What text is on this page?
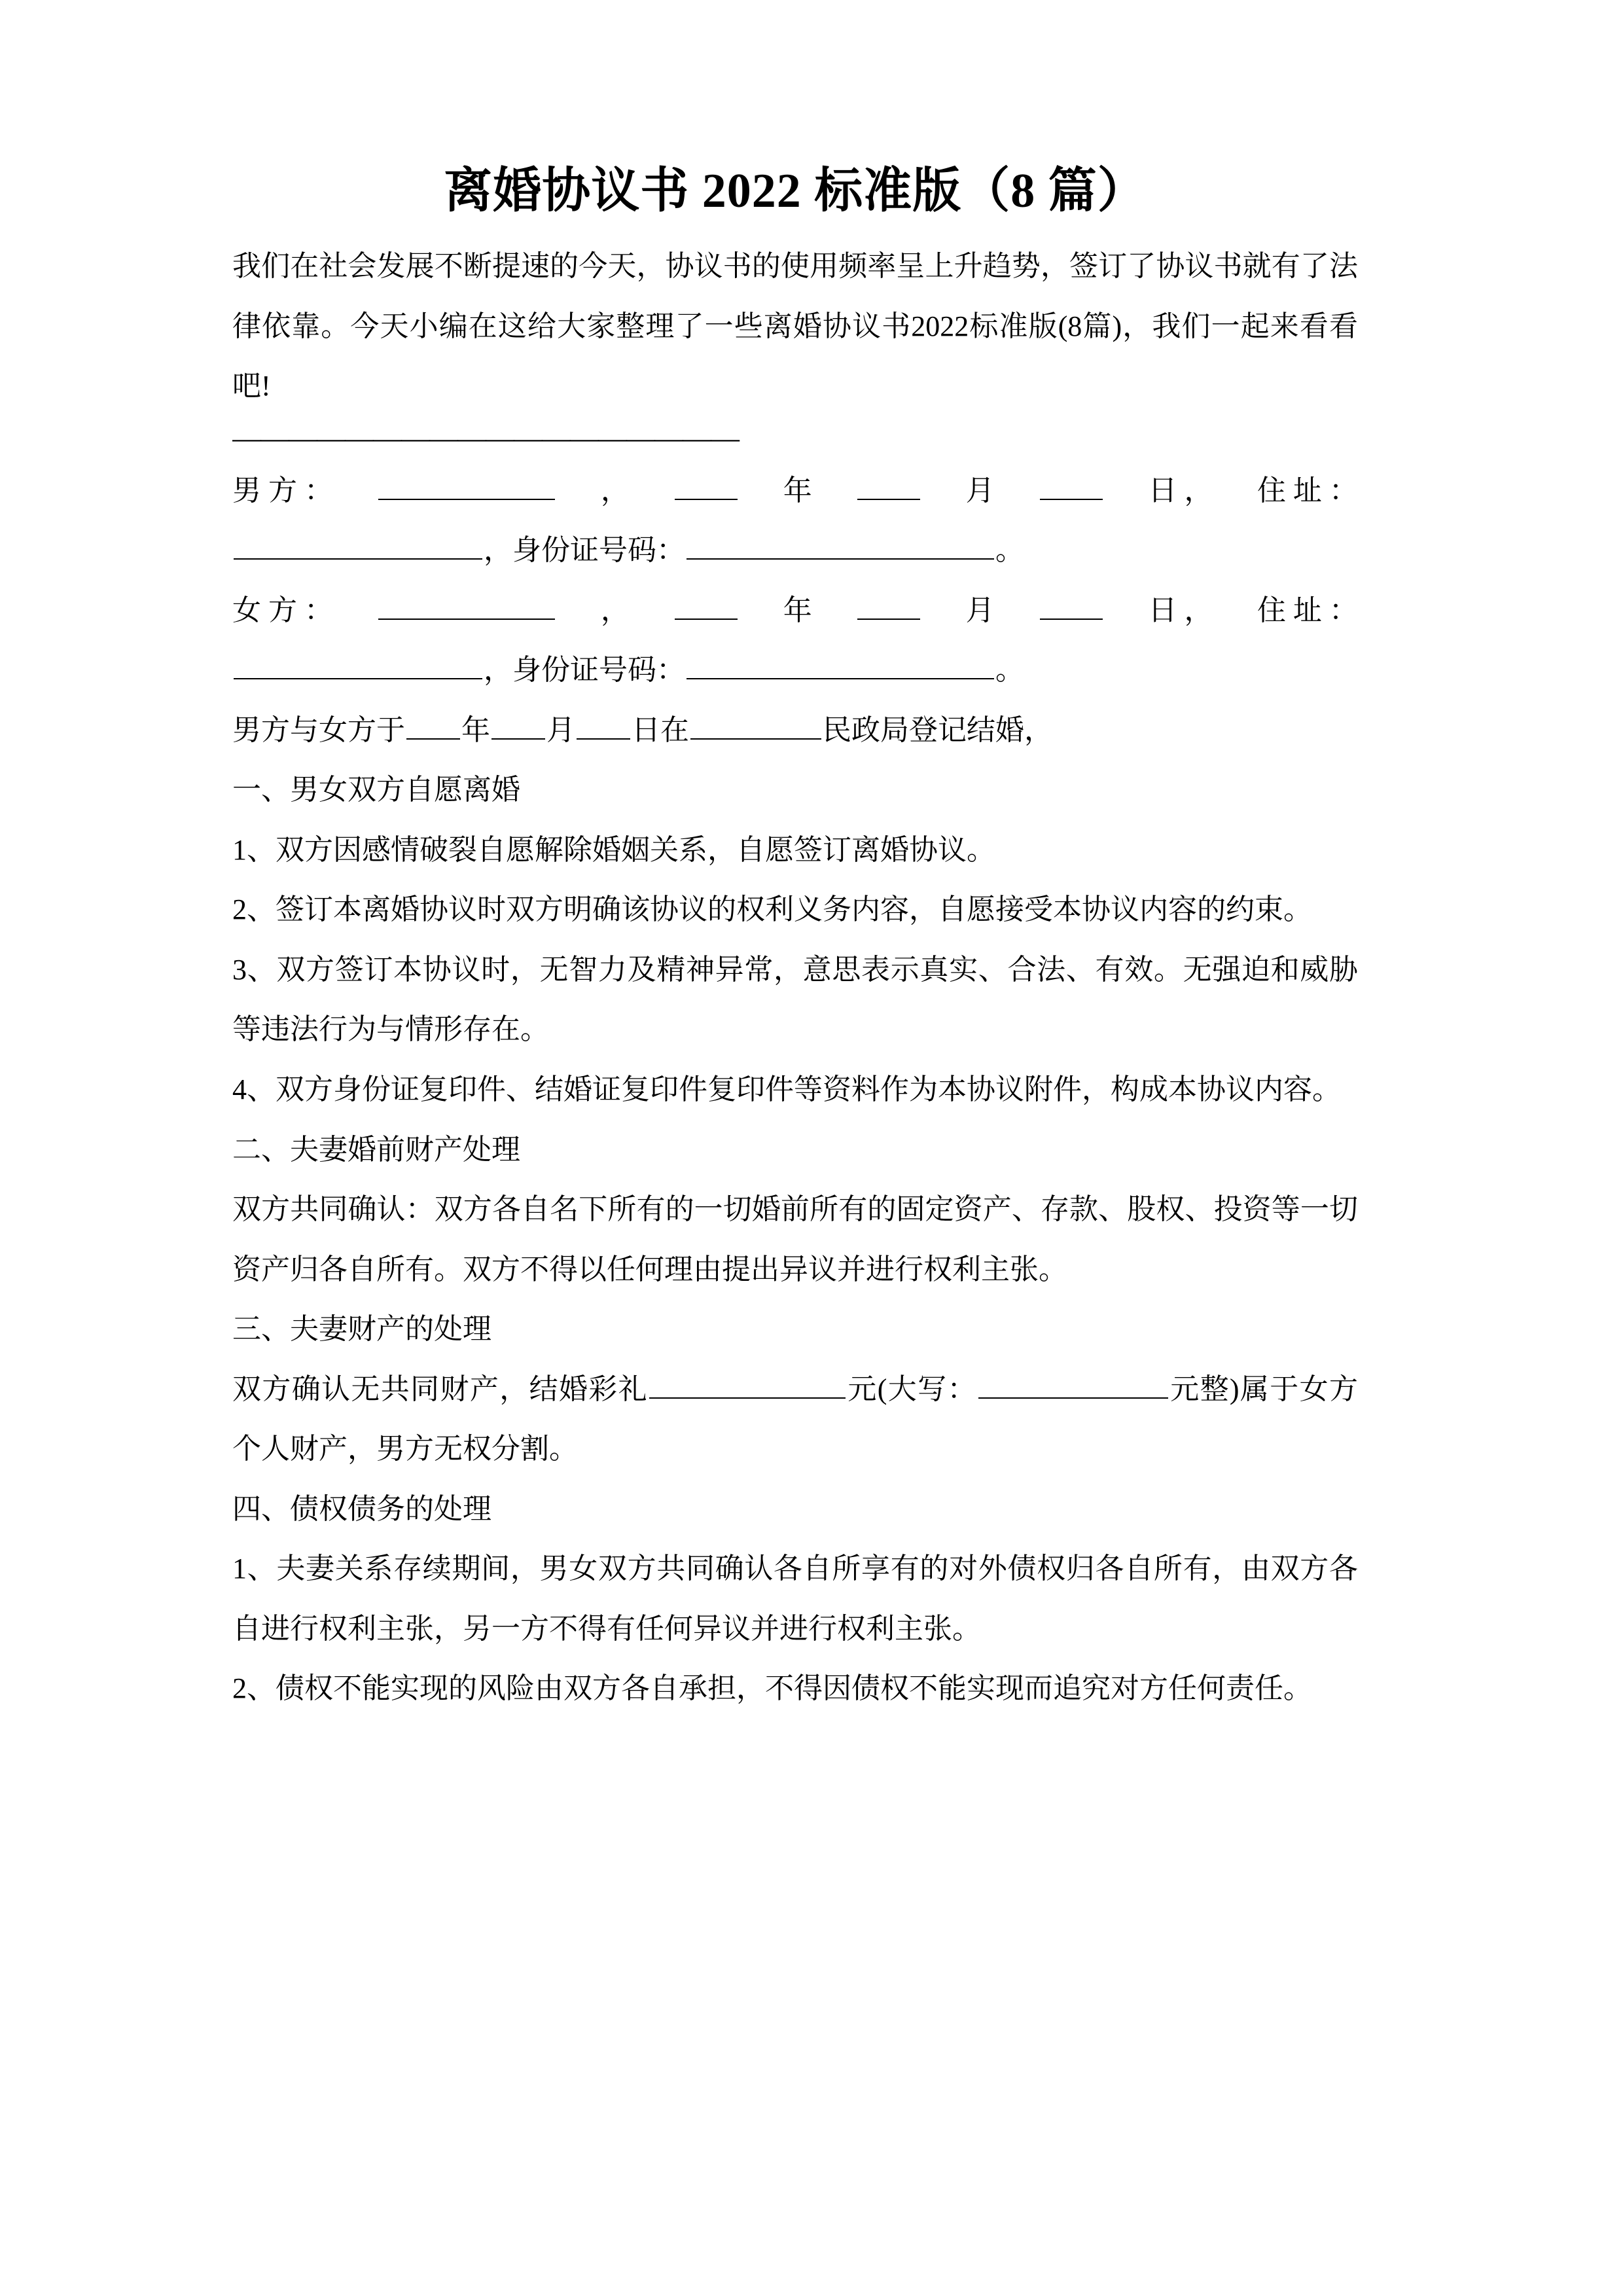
离婚协议书 2022 标准版（8 篇）

我们在社会发展不断提速的今天，协议书的使用频率呈上升趋势，签订了协议书就有了法律依靠。今天小编在这给大家整理了一些离婚协议书2022标准版(8篇)，我们一起来看看吧!

——————————————————

男 方 ：	，	年	月	日 ， 住 址 ：
，身份证号码：	。
女 方 ：	，	年	月	日 ， 住 址 ：
，身份证号码：	。
男方与女方于 年 月 日在	民政局登记结婚，

一、男女双方自愿离婚

1、双方因感情破裂自愿解除婚姻关系，自愿签订离婚协议。

2、签订本离婚协议时双方明确该协议的权利义务内容，自愿接受本协议内容的约束。

3、双方签订本协议时，无智力及精神异常，意思表示真实、合法、有效。无强迫和威胁等违法行为与情形存在。

4、双方身份证复印件、结婚证复印件复印件等资料作为本协议附件，构成本协议内容。

二、夫妻婚前财产处理

双方共同确认：双方各自名下所有的一切婚前所有的固定资产、存款、股权、投资等一切资产归各自所有。双方不得以任何理由提出异议并进行权利主张。

三、夫妻财产的处理

双方确认无共同财产，结婚彩礼	元(大写：	元整)属于女方个人财产，男方无权分割。

四、债权债务的处理

1、夫妻关系存续期间，男女双方共同确认各自所享有的对外债权归各自所有，由双方各自进行权利主张，另一方不得有任何异议并进行权利主张。

2、债权不能实现的风险由双方各自承担，不得因债权不能实现而追究对方任何责任。
